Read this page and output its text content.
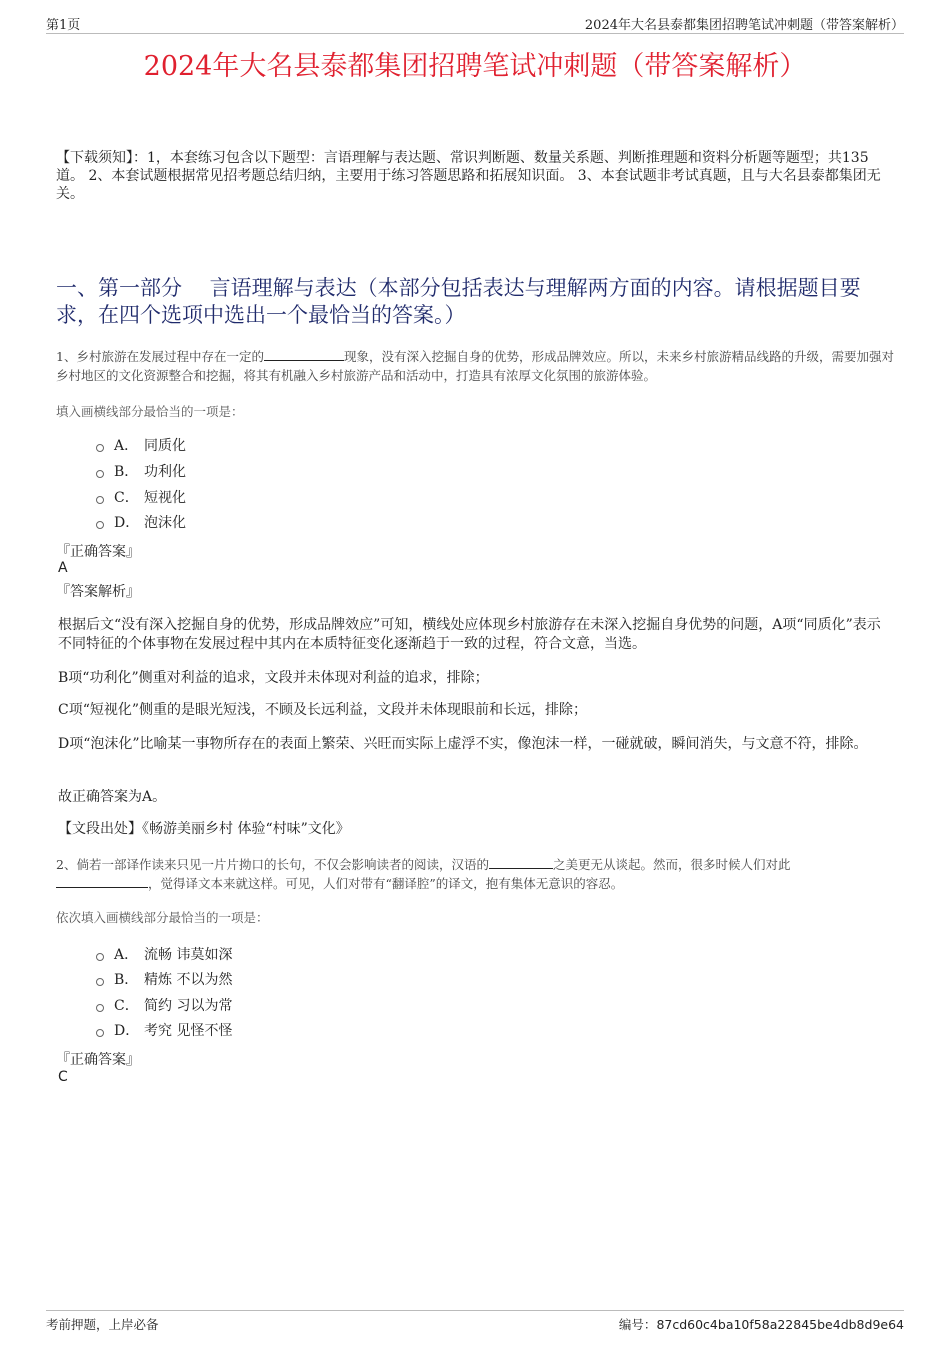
第1页	2024年大名县泰都集团招聘笔试冲刺题（带答案解析）
2024年大名县泰都集团招聘笔试冲刺题（带答案解析）
【下载须知】：1，本套练习包含以下题型：言语理解与表达题、常识判断题、数量关系题、判断推理题和资料分析题等题型；共135道。 2、本套试题根据常见招考题总结归纳，主要用于练习答题思路和拓展知识面。 3、本套试题非考试真题，且与大名县泰都集团无关。
一、第一部分　 言语理解与表达（本部分包括表达与理解两方面的内容。请根据题目要求，在四个选项中选出一个最恰当的答案。）
1、乡村旅游在发展过程中存在一定的	现象，没有深入挖掘自身的优势，形成品牌效应。所以，未来乡村旅游精品线路的升级，需要加强对乡村地区的文化资源整合和挖掘，将其有机融入乡村旅游产品和活动中，打造具有浓厚文化氛围的旅游体验。
填入画横线部分最恰当的一项是：
A． 同质化
B． 功利化
C． 短视化
D． 泡沫化
『正确答案』
A
『答案解析』
根据后文“没有深入挖掘自身的优势，形成品牌效应”可知，横线处应体现乡村旅游存在未深入挖掘自身优势的问题，A项“同质化”表示不同特征的个体事物在发展过程中其内在本质特征变化逐渐趋于一致的过程，符合文意，当选。
B项“功利化”侧重对利益的追求，文段并未体现对利益的追求，排除；
C项“短视化”侧重的是眼光短浅，不顾及长远利益，文段并未体现眼前和长远，排除；
D项“泡沫化”比喻某一事物所存在的表面上繁荣、兴旺而实际上虚浮不实，像泡沫一样，一碰就破，瞬间消失，与文意不符，排除。
故正确答案为A。
【文段出处】《畅游美丽乡村 体验“村味”文化》
2、倘若一部译作读来只见一片片拗口的长句，不仅会影响读者的阅读，汉语的	之美更无从谈起。然而，很多时候人们对此
，觉得译文本来就这样。可见，人们对带有“翻译腔”的译文，抱有集体无意识的容忍。
依次填入画横线部分最恰当的一项是：
A． 流畅 讳莫如深
B． 精炼 不以为然
C． 简约 习以为常
D． 考究 见怪不怪
『正确答案』
C
考前押题，上岸必备	编号：87cd60c4ba10f58a22845be4db8d9e64
